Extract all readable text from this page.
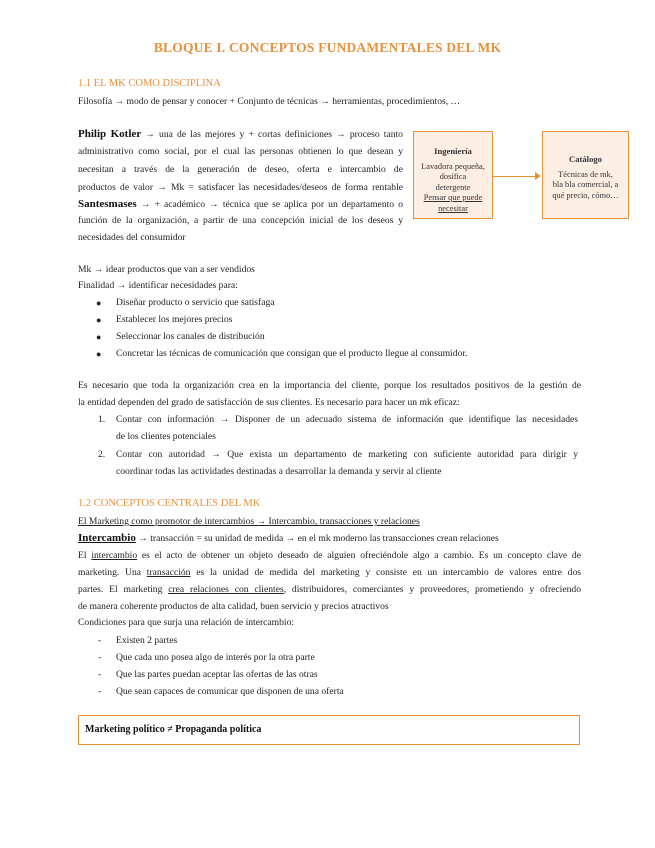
BLOQUE I. CONCEPTOS FUNDAMENTALES DEL MK
1.1 EL MK COMO DISCIPLINA
Filosofía → modo de pensar y conocer + Conjunto de técnicas → herramientas, procedimientos, …
Philip Kotler → una de las mejores y + cortas definiciones → proceso tanto
administrativo como social, por el cual las personas obtienen lo que desean y
necesitan a través de la generación de deseo, oferta e intercambio de
productos de valor → Mk = satisfacer las necesidades/deseos de forma rentable
Santesmases → + académico → técnica que se aplica por un departamento o
función de la organización, a partir de una concepción inicial de los deseos y
necesidades del consumidor
Ingeniería
Lavadora pequeña,
dosifica
detergente
Pensar que puede
necesitar
Catálogo
Técnicas de mk,
bla bla comercial, a
qué precio, cómo…
Mk → idear productos que van a ser vendidos
Finalidad → identificar necesidades para:
● Diseñar producto o servicio que satisfaga
● Establecer los mejores precios
● Seleccionar los canales de distribución
● Concretar las técnicas de comunicación que consigan que el producto llegue al consumidor.
Es necesario que toda la organización crea en la importancia del cliente, porque los resultados positivos de la gestión de
la entidad dependen del grado de satisfacción de sus clientes. Es necesario para hacer un mk eficaz:
1. Contar con información → Disponer de un adecuado sistema de información que identifique las necesidades
de los clientes potenciales
2. Contar con autoridad → Que exista un departamento de marketing con suficiente autoridad para dirigir y
coordinar todas las actividades destinadas a desarrollar la demanda y servir al cliente
1.2 CONCEPTOS CENTRALES DEL MK
El Marketing como promotor de intercambios → Intercambio, transacciones y relaciones
Intercambio → transacción = su unidad de medida → en el mk moderno las transacciones crean relaciones
El intercambio es el acto de obtener un objeto deseado de alguien ofreciéndole algo a cambio. Es un concepto clave de
marketing. Una transacción es la unidad de medida del marketing y consiste en un intercambio de valores entre dos
partes. El marketing crea relaciones con clientes, distribuidores, comerciantes y proveedores, prometiendo y ofreciendo
de manera coherente productos de alta calidad, buen servicio y precios atractivos
Condiciones para que surja una relación de intercambio:
- Existen 2 partes
- Que cada uno posea algo de interés por la otra parte
- Que las partes puedan aceptar las ofertas de las otras
- Que sean capaces de comunicar que disponen de una oferta
Marketing político ≠ Propaganda política
